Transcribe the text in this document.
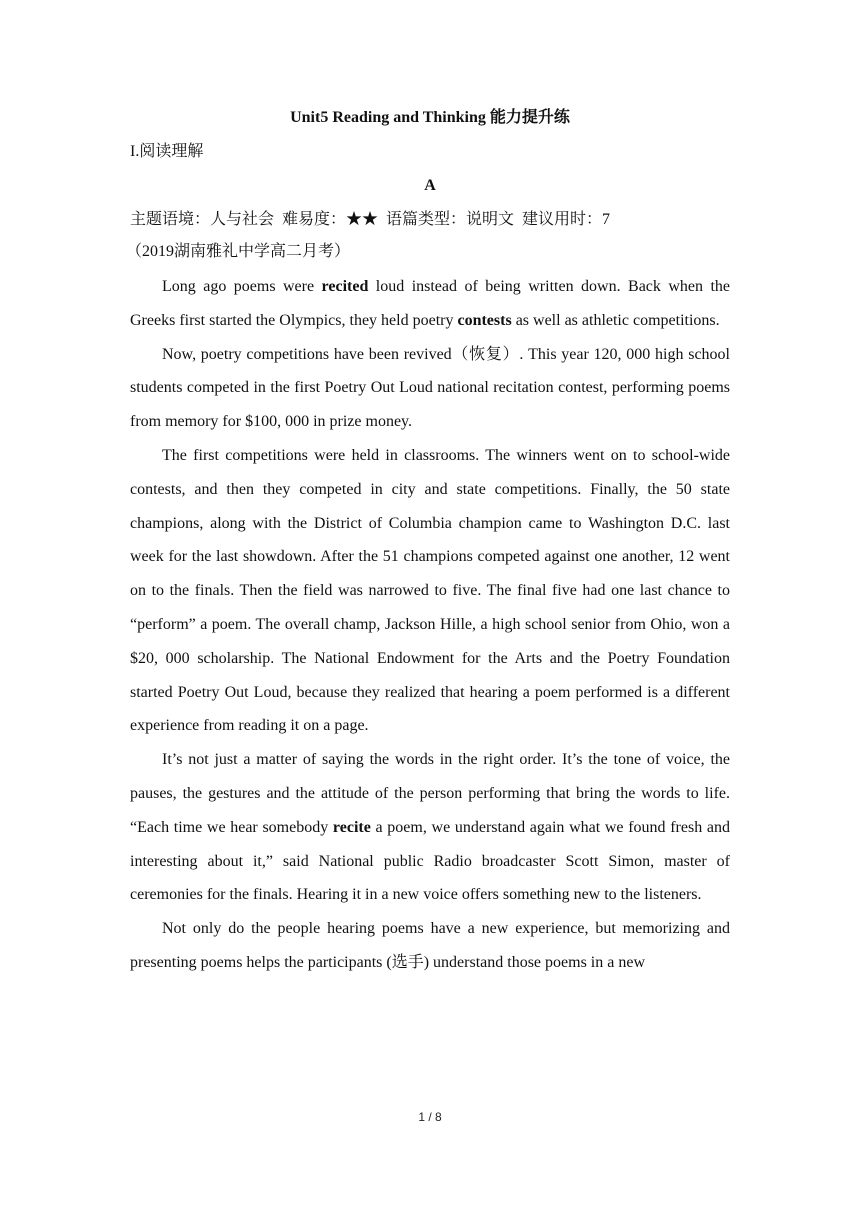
Unit5 Reading and Thinking 能力提升练
I.阅读理解
A
主题语境：人与社会 难易度：★★ 语篇类型：说明文 建议用时：7
（2019湖南雅礼中学高二月考）

Long ago poems were recited loud instead of being written down. Back when the Greeks first started the Olympics, they held poetry contests as well as athletic competitions.

Now, poetry competitions have been revived（恢复）. This year 120, 000 high school students competed in the first Poetry Out Loud national recitation contest, performing poems from memory for $100, 000 in prize money.

The first competitions were held in classrooms. The winners went on to school-wide contests, and then they competed in city and state competitions. Finally, the 50 state champions, along with the District of Columbia champion came to Washington D.C. last week for the last showdown. After the 51 champions competed against one another, 12 went on to the finals. Then the field was narrowed to five. The final five had one last chance to “perform” a poem. The overall champ, Jackson Hille, a high school senior from Ohio, won a $20, 000 scholarship. The National Endowment for the Arts and the Poetry Foundation started Poetry Out Loud, because they realized that hearing a poem performed is a different experience from reading it on a page.

It’s not just a matter of saying the words in the right order. It’s the tone of voice, the pauses, the gestures and the attitude of the person performing that bring the words to life. “Each time we hear somebody recite a poem, we understand again what we found fresh and interesting about it,” said National public Radio broadcaster Scott Simon, master of ceremonies for the finals. Hearing it in a new voice offers something new to the listeners.

Not only do the people hearing poems have a new experience, but memorizing and presenting poems helps the participants (选手) understand those poems in a new

1 / 8
